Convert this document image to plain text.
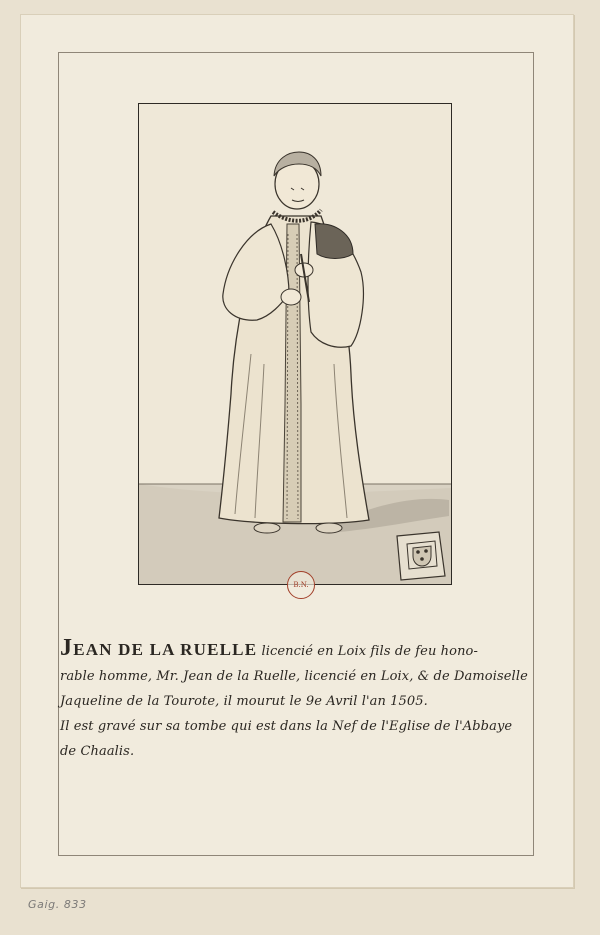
B.N.
JEAN DE LA RUELLE licencié en Loix fils de feu hono-
rable homme, Mr. Jean de la Ruelle, licencié en Loix, & de Damoiselle
Jaqueline de la Tourote, il mourut le 9e Avril l'an 1505.
Il est gravé sur sa tombe qui est dans la Nef de l'Eglise de l'Abbaye
de Chaalis.
Gaig. 833
